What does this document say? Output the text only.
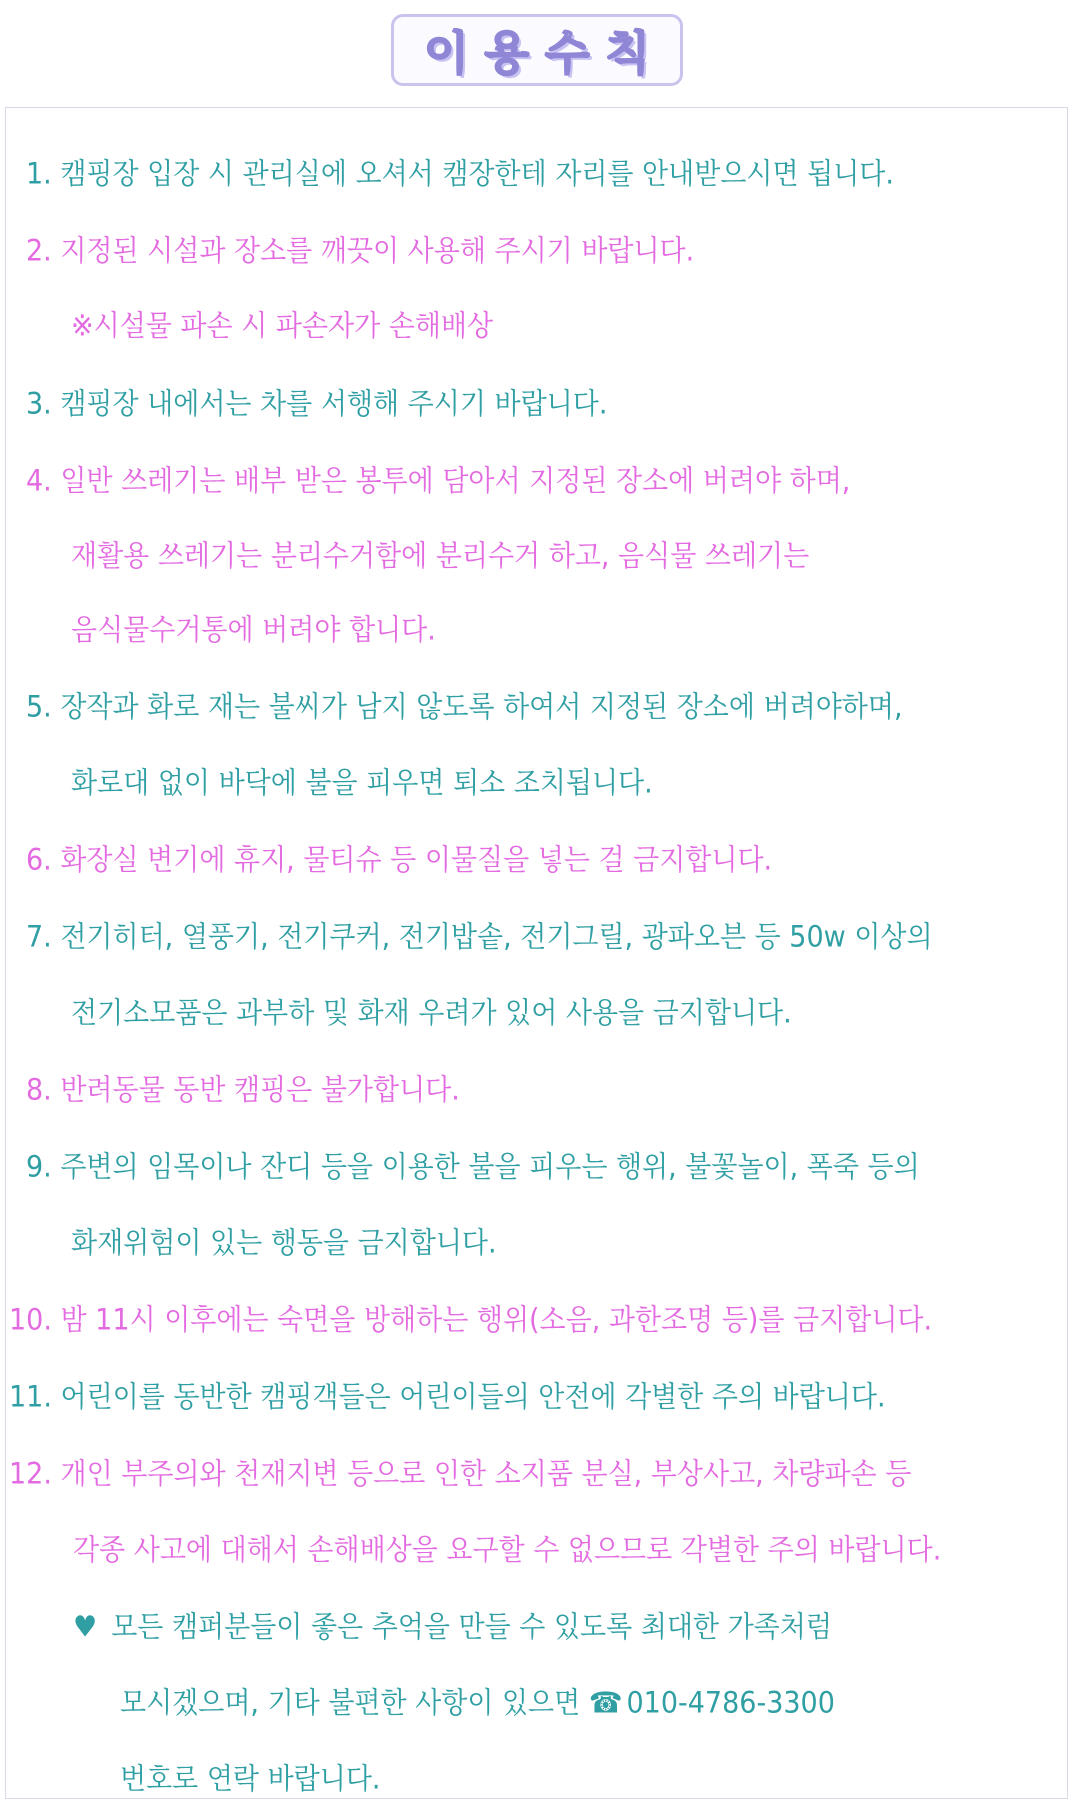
이용수칙
1. 캠핑장 입장 시 관리실에 오셔서 캠장한테 자리를 안내받으시면 됩니다.
2. 지정된 시설과 장소를 깨끗이 사용해 주시기 바랍니다.
※시설물 파손 시 파손자가 손해배상
3. 캠핑장 내에서는 차를 서행해 주시기 바랍니다.
4. 일반 쓰레기는 배부 받은 봉투에 담아서 지정된 장소에 버려야 하며,
재활용 쓰레기는 분리수거함에 분리수거 하고, 음식물 쓰레기는
음식물수거통에 버려야 합니다.
5. 장작과 화로 재는 불씨가 남지 않도록 하여서 지정된 장소에 버려야하며,
화로대 없이 바닥에 불을 피우면 퇴소 조치됩니다.
6. 화장실 변기에 휴지, 물티슈 등 이물질을 넣는 걸 금지합니다.
7. 전기히터, 열풍기, 전기쿠커, 전기밥솥, 전기그릴, 광파오븐 등 50w 이상의
전기소모품은 과부하 및 화재 우려가 있어 사용을 금지합니다.
8. 반려동물 동반 캠핑은 불가합니다.
9. 주변의 임목이나 잔디 등을 이용한 불을 피우는 행위, 불꽃놀이, 폭죽 등의
화재위험이 있는 행동을 금지합니다.
10. 밤 11시 이후에는 숙면을 방해하는 행위(소음, 과한조명 등)를 금지합니다.
11. 어린이를 동반한 캠핑객들은 어린이들의 안전에 각별한 주의 바랍니다.
12. 개인 부주의와 천재지변 등으로 인한 소지품 분실, 부상사고, 차량파손 등
각종 사고에 대해서 손해배상을 요구할 수 없으므로 각별한 주의 바랍니다.
♥ 모든 캠퍼분들이 좋은 추억을 만들 수 있도록 최대한 가족처럼
모시겠으며, 기타 불편한 사항이 있으면 ☎ 010-4786-3300
번호로 연락 바랍니다.
